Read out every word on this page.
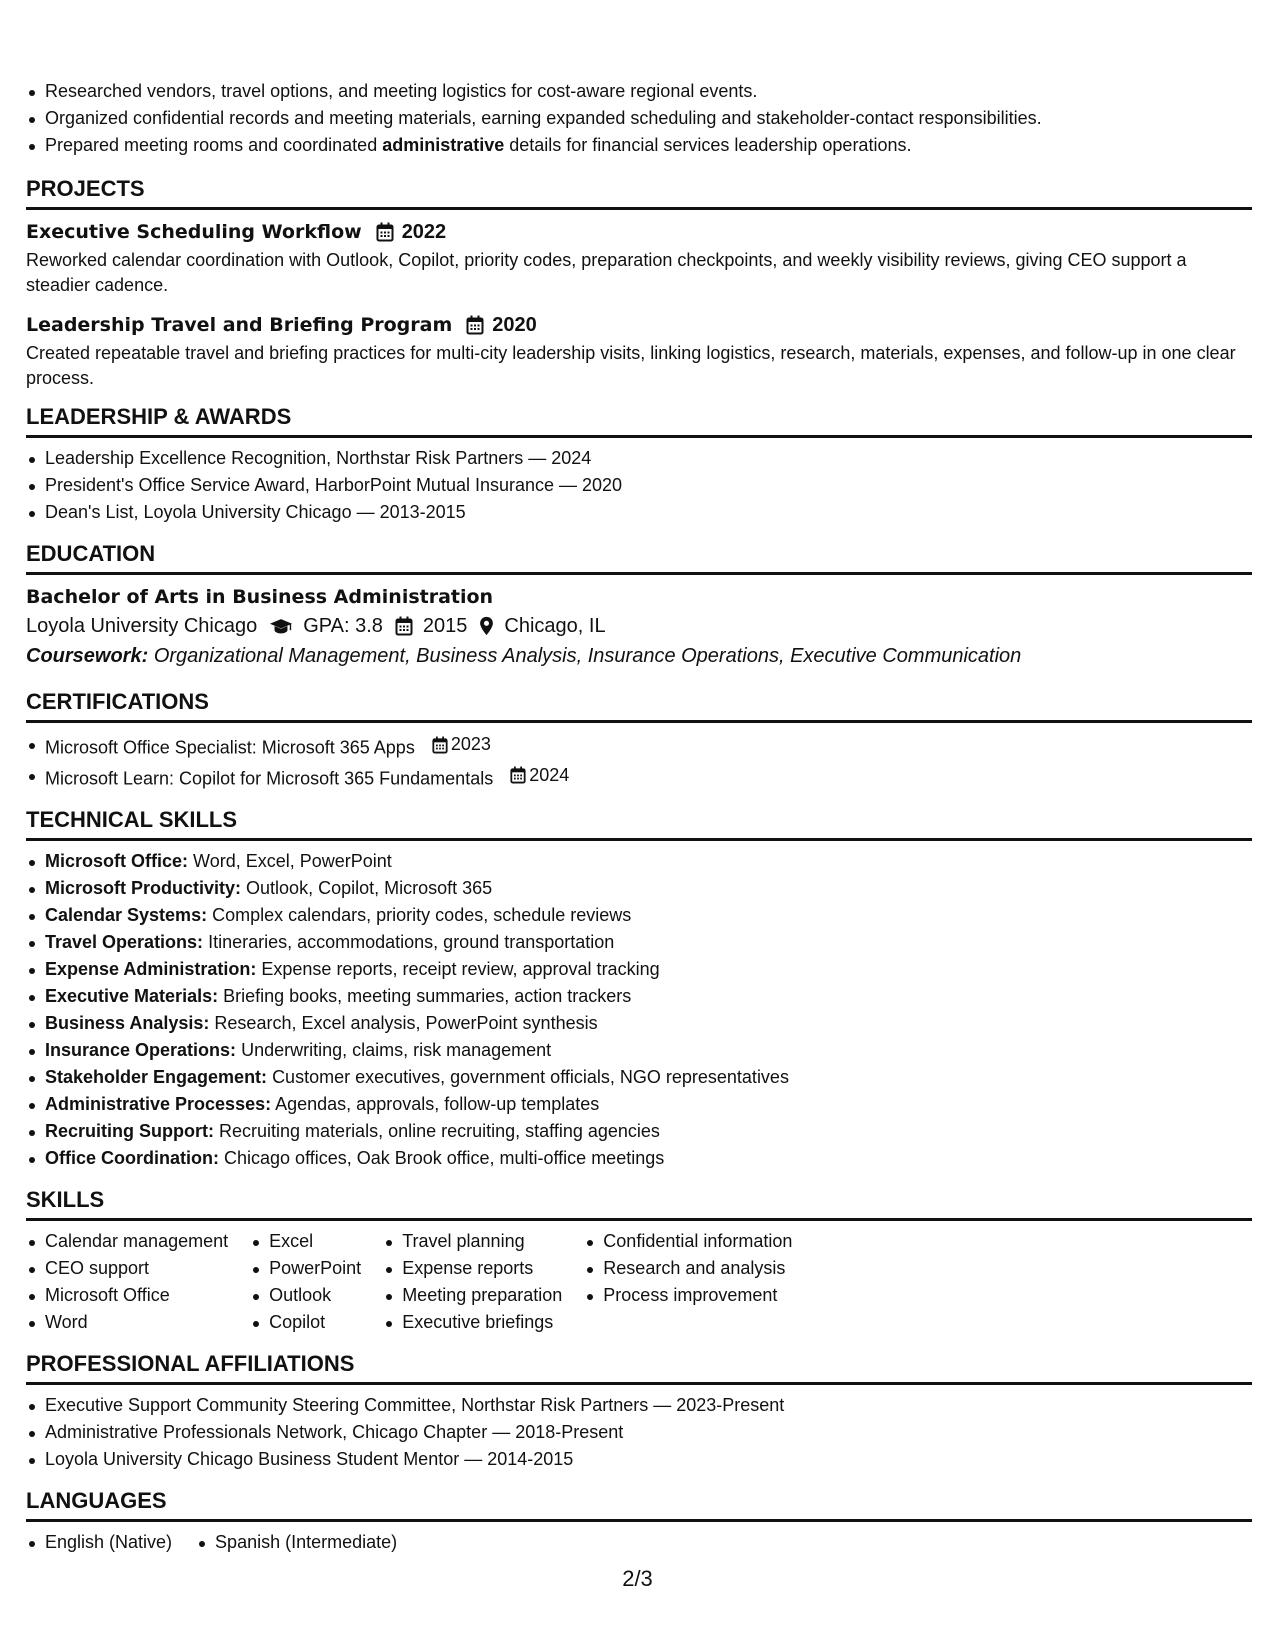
Researched vendors, travel options, and meeting logistics for cost-aware regional events.
Organized confidential records and meeting materials, earning expanded scheduling and stakeholder-contact responsibilities.
Prepared meeting rooms and coordinated administrative details for financial services leadership operations.
PROJECTS
Executive Scheduling Workflow 2022

Reworked calendar coordination with Outlook, Copilot, priority codes, preparation checkpoints, and weekly visibility reviews, giving CEO support a steadier cadence.

Leadership Travel and Briefing Program 2020

Created repeatable travel and briefing practices for multi-city leadership visits, linking logistics, research, materials, expenses, and follow-up in one clear process.

LEADERSHIP & AWARDS
Leadership Excellence Recognition, Northstar Risk Partners — 2024
President's Office Service Award, HarborPoint Mutual Insurance — 2020
Dean's List, Loyola University Chicago — 2013-2015
EDUCATION
Bachelor of Arts in Business Administration
Loyola University Chicago GPA: 3.8 2015 Chicago, IL
Coursework: Organizational Management, Business Analysis, Insurance Operations, Executive Communication
CERTIFICATIONS
Microsoft Office Specialist: Microsoft 365 Apps 2023
Microsoft Learn: Copilot for Microsoft 365 Fundamentals 2024
TECHNICAL SKILLS
Microsoft Office: Word, Excel, PowerPoint
Microsoft Productivity: Outlook, Copilot, Microsoft 365
Calendar Systems: Complex calendars, priority codes, schedule reviews
Travel Operations: Itineraries, accommodations, ground transportation
Expense Administration: Expense reports, receipt review, approval tracking
Executive Materials: Briefing books, meeting summaries, action trackers
Business Analysis: Research, Excel analysis, PowerPoint synthesis
Insurance Operations: Underwriting, claims, risk management
Stakeholder Engagement: Customer executives, government officials, NGO representatives
Administrative Processes: Agendas, approvals, follow-up templates
Recruiting Support: Recruiting materials, online recruiting, staffing agencies
Office Coordination: Chicago offices, Oak Brook office, multi-office meetings
SKILLS
Calendar management
CEO support
Microsoft Office
Word
Excel
PowerPoint
Outlook
Copilot
Travel planning
Expense reports
Meeting preparation
Executive briefings
Confidential information
Research and analysis
Process improvement
PROFESSIONAL AFFILIATIONS
Executive Support Community Steering Committee, Northstar Risk Partners — 2023-Present
Administrative Professionals Network, Chicago Chapter — 2018-Present
Loyola University Chicago Business Student Mentor — 2014-2015
LANGUAGES
English (Native)	Spanish (Intermediate)
2/3
